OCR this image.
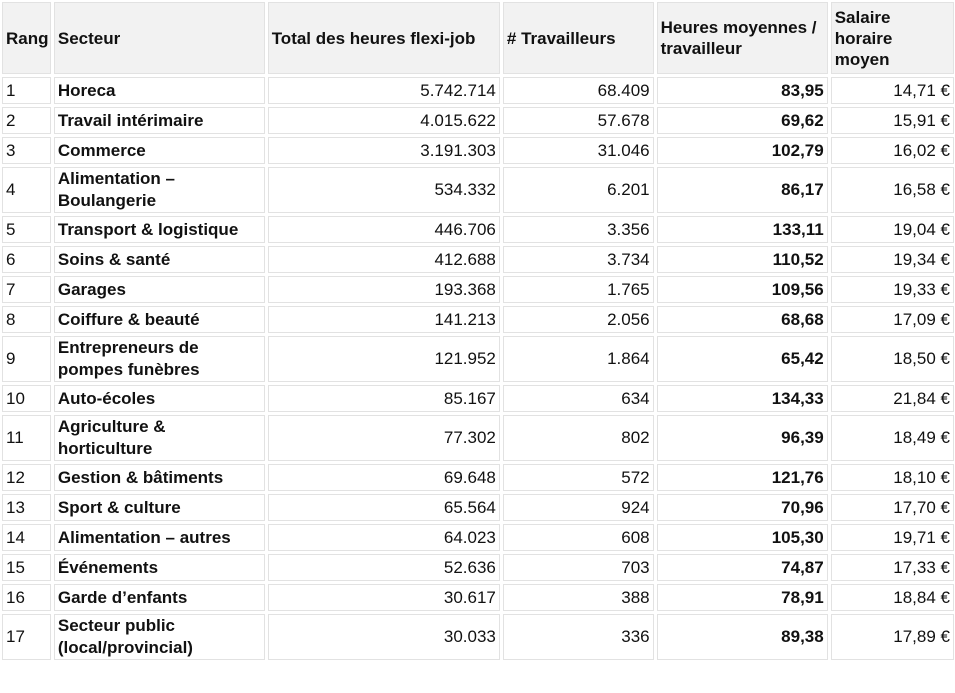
Rang	Secteur	Total des heures flexi-job	# Travailleurs	Heures moyennes / travailleur	Salaire horaire moyen
1	Horeca	5.742.714	68.409	83,95	14,71 €
2	Travail intérimaire	4.015.622	57.678	69,62	15,91 €
3	Commerce	3.191.303	31.046	102,79	16,02 €
4	Alimentation – Boulangerie	534.332	6.201	86,17	16,58 €
5	Transport & logistique	446.706	3.356	133,11	19,04 €
6	Soins & santé	412.688	3.734	110,52	19,34 €
7	Garages	193.368	1.765	109,56	19,33 €
8	Coiffure & beauté	141.213	2.056	68,68	17,09 €
9	Entrepreneurs de pompes funèbres	121.952	1.864	65,42	18,50 €
10	Auto-écoles	85.167	634	134,33	21,84 €
11	Agriculture & horticulture	77.302	802	96,39	18,49 €
12	Gestion & bâtiments	69.648	572	121,76	18,10 €
13	Sport & culture	65.564	924	70,96	17,70 €
14	Alimentation – autres	64.023	608	105,30	19,71 €
15	Événements	52.636	703	74,87	17,33 €
16	Garde d’enfants	30.617	388	78,91	18,84 €
17	Secteur public (local/provincial)	30.033	336	89,38	17,89 €
